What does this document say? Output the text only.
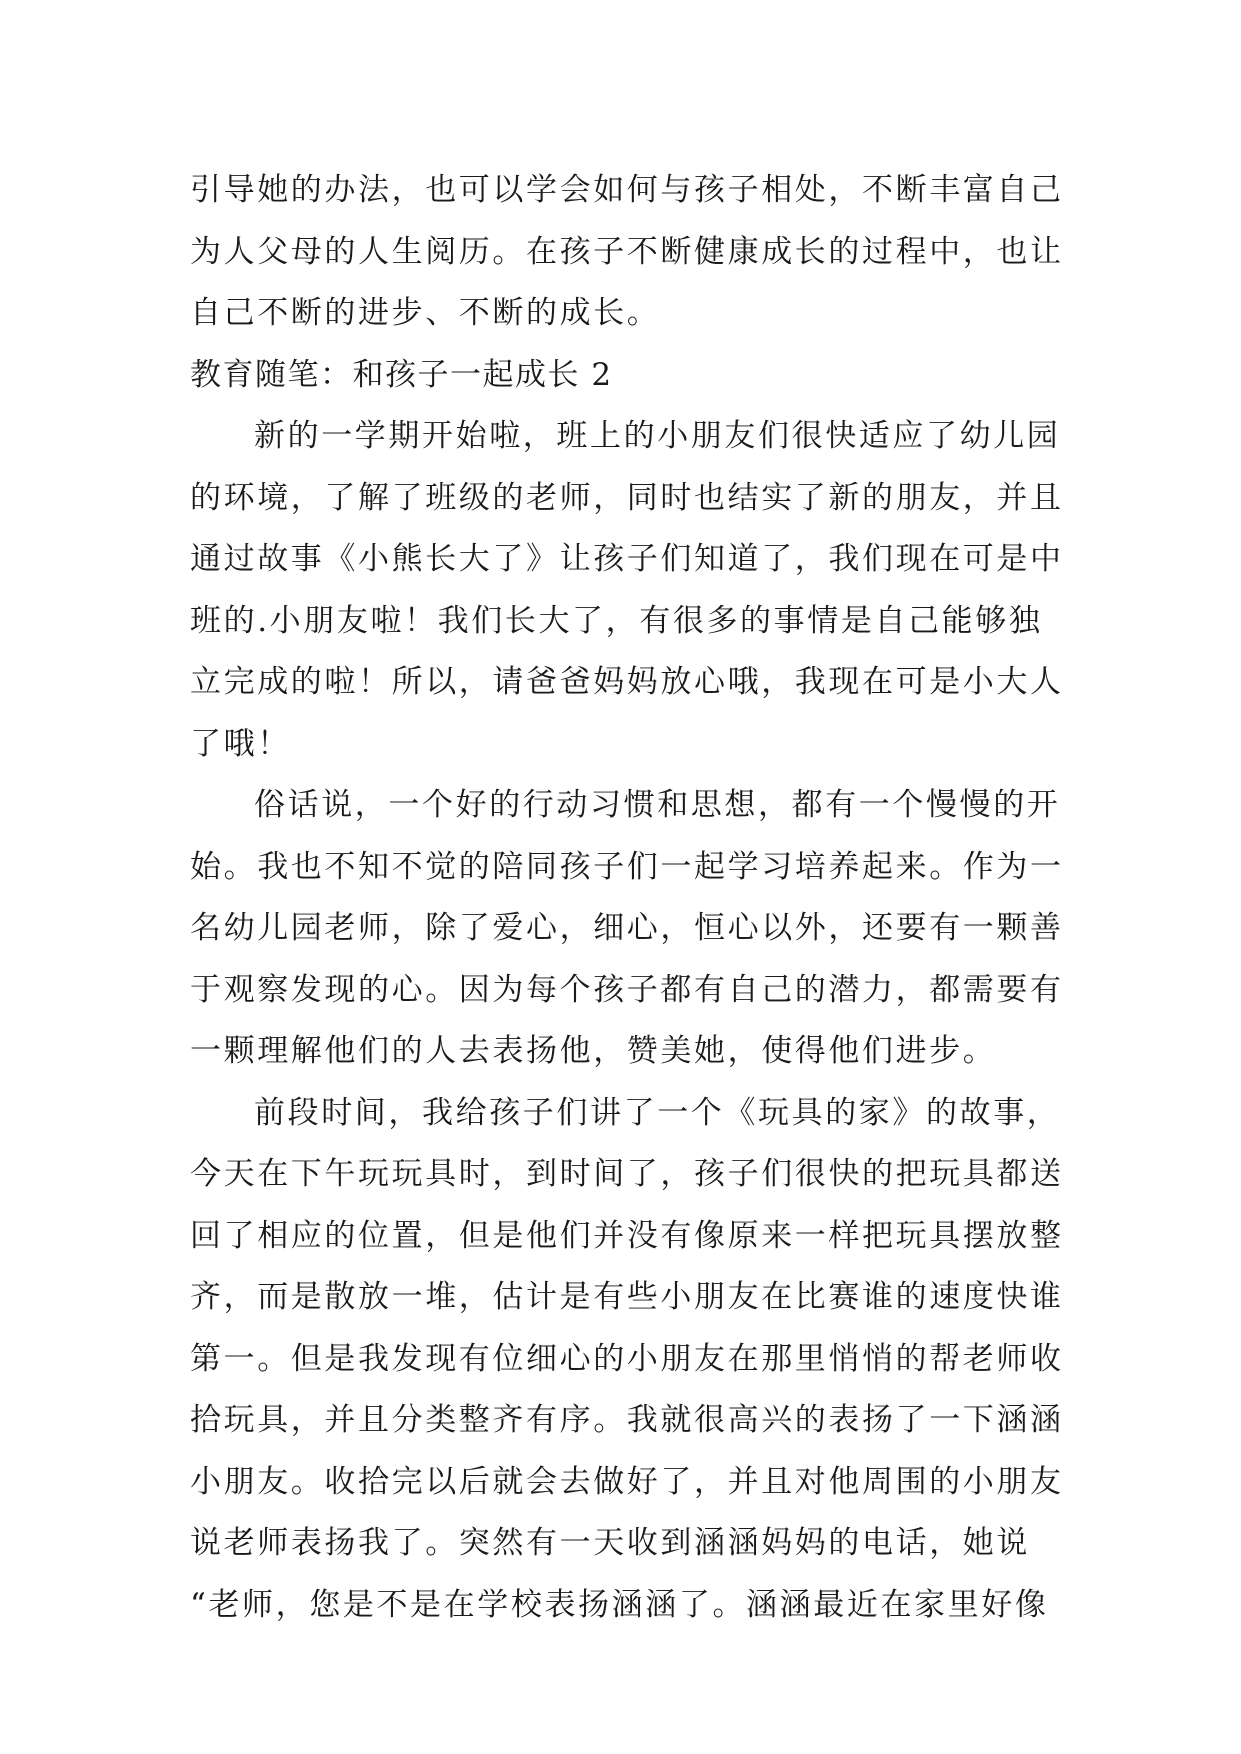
引导她的办法，也可以学会如何与孩子相处，不断丰富自己
为人父母的人生阅历。在孩子不断健康成长的过程中，也让
自己不断的进步、不断的成长。
教育随笔：和孩子一起成长 2
新的一学期开始啦，班上的小朋友们很快适应了幼儿园
的环境，了解了班级的老师，同时也结实了新的朋友，并且
通过故事《小熊长大了》让孩子们知道了，我们现在可是中
班的.小朋友啦！我们长大了，有很多的事情是自己能够独
立完成的啦！所以，请爸爸妈妈放心哦，我现在可是小大人
了哦！
俗话说，一个好的行动习惯和思想，都有一个慢慢的开
始。我也不知不觉的陪同孩子们一起学习培养起来。作为一
名幼儿园老师，除了爱心，细心，恒心以外，还要有一颗善
于观察发现的心。因为每个孩子都有自己的潜力，都需要有
一颗理解他们的人去表扬他，赞美她，使得他们进步。
前段时间，我给孩子们讲了一个《玩具的家》的故事，
今天在下午玩玩具时，到时间了，孩子们很快的把玩具都送
回了相应的位置，但是他们并没有像原来一样把玩具摆放整
齐，而是散放一堆，估计是有些小朋友在比赛谁的速度快谁
第一。但是我发现有位细心的小朋友在那里悄悄的帮老师收
拾玩具，并且分类整齐有序。我就很高兴的表扬了一下涵涵
小朋友。收拾完以后就会去做好了，并且对他周围的小朋友
说老师表扬我了。突然有一天收到涵涵妈妈的电话，她说
“老师，您是不是在学校表扬涵涵了。涵涵最近在家里好像
